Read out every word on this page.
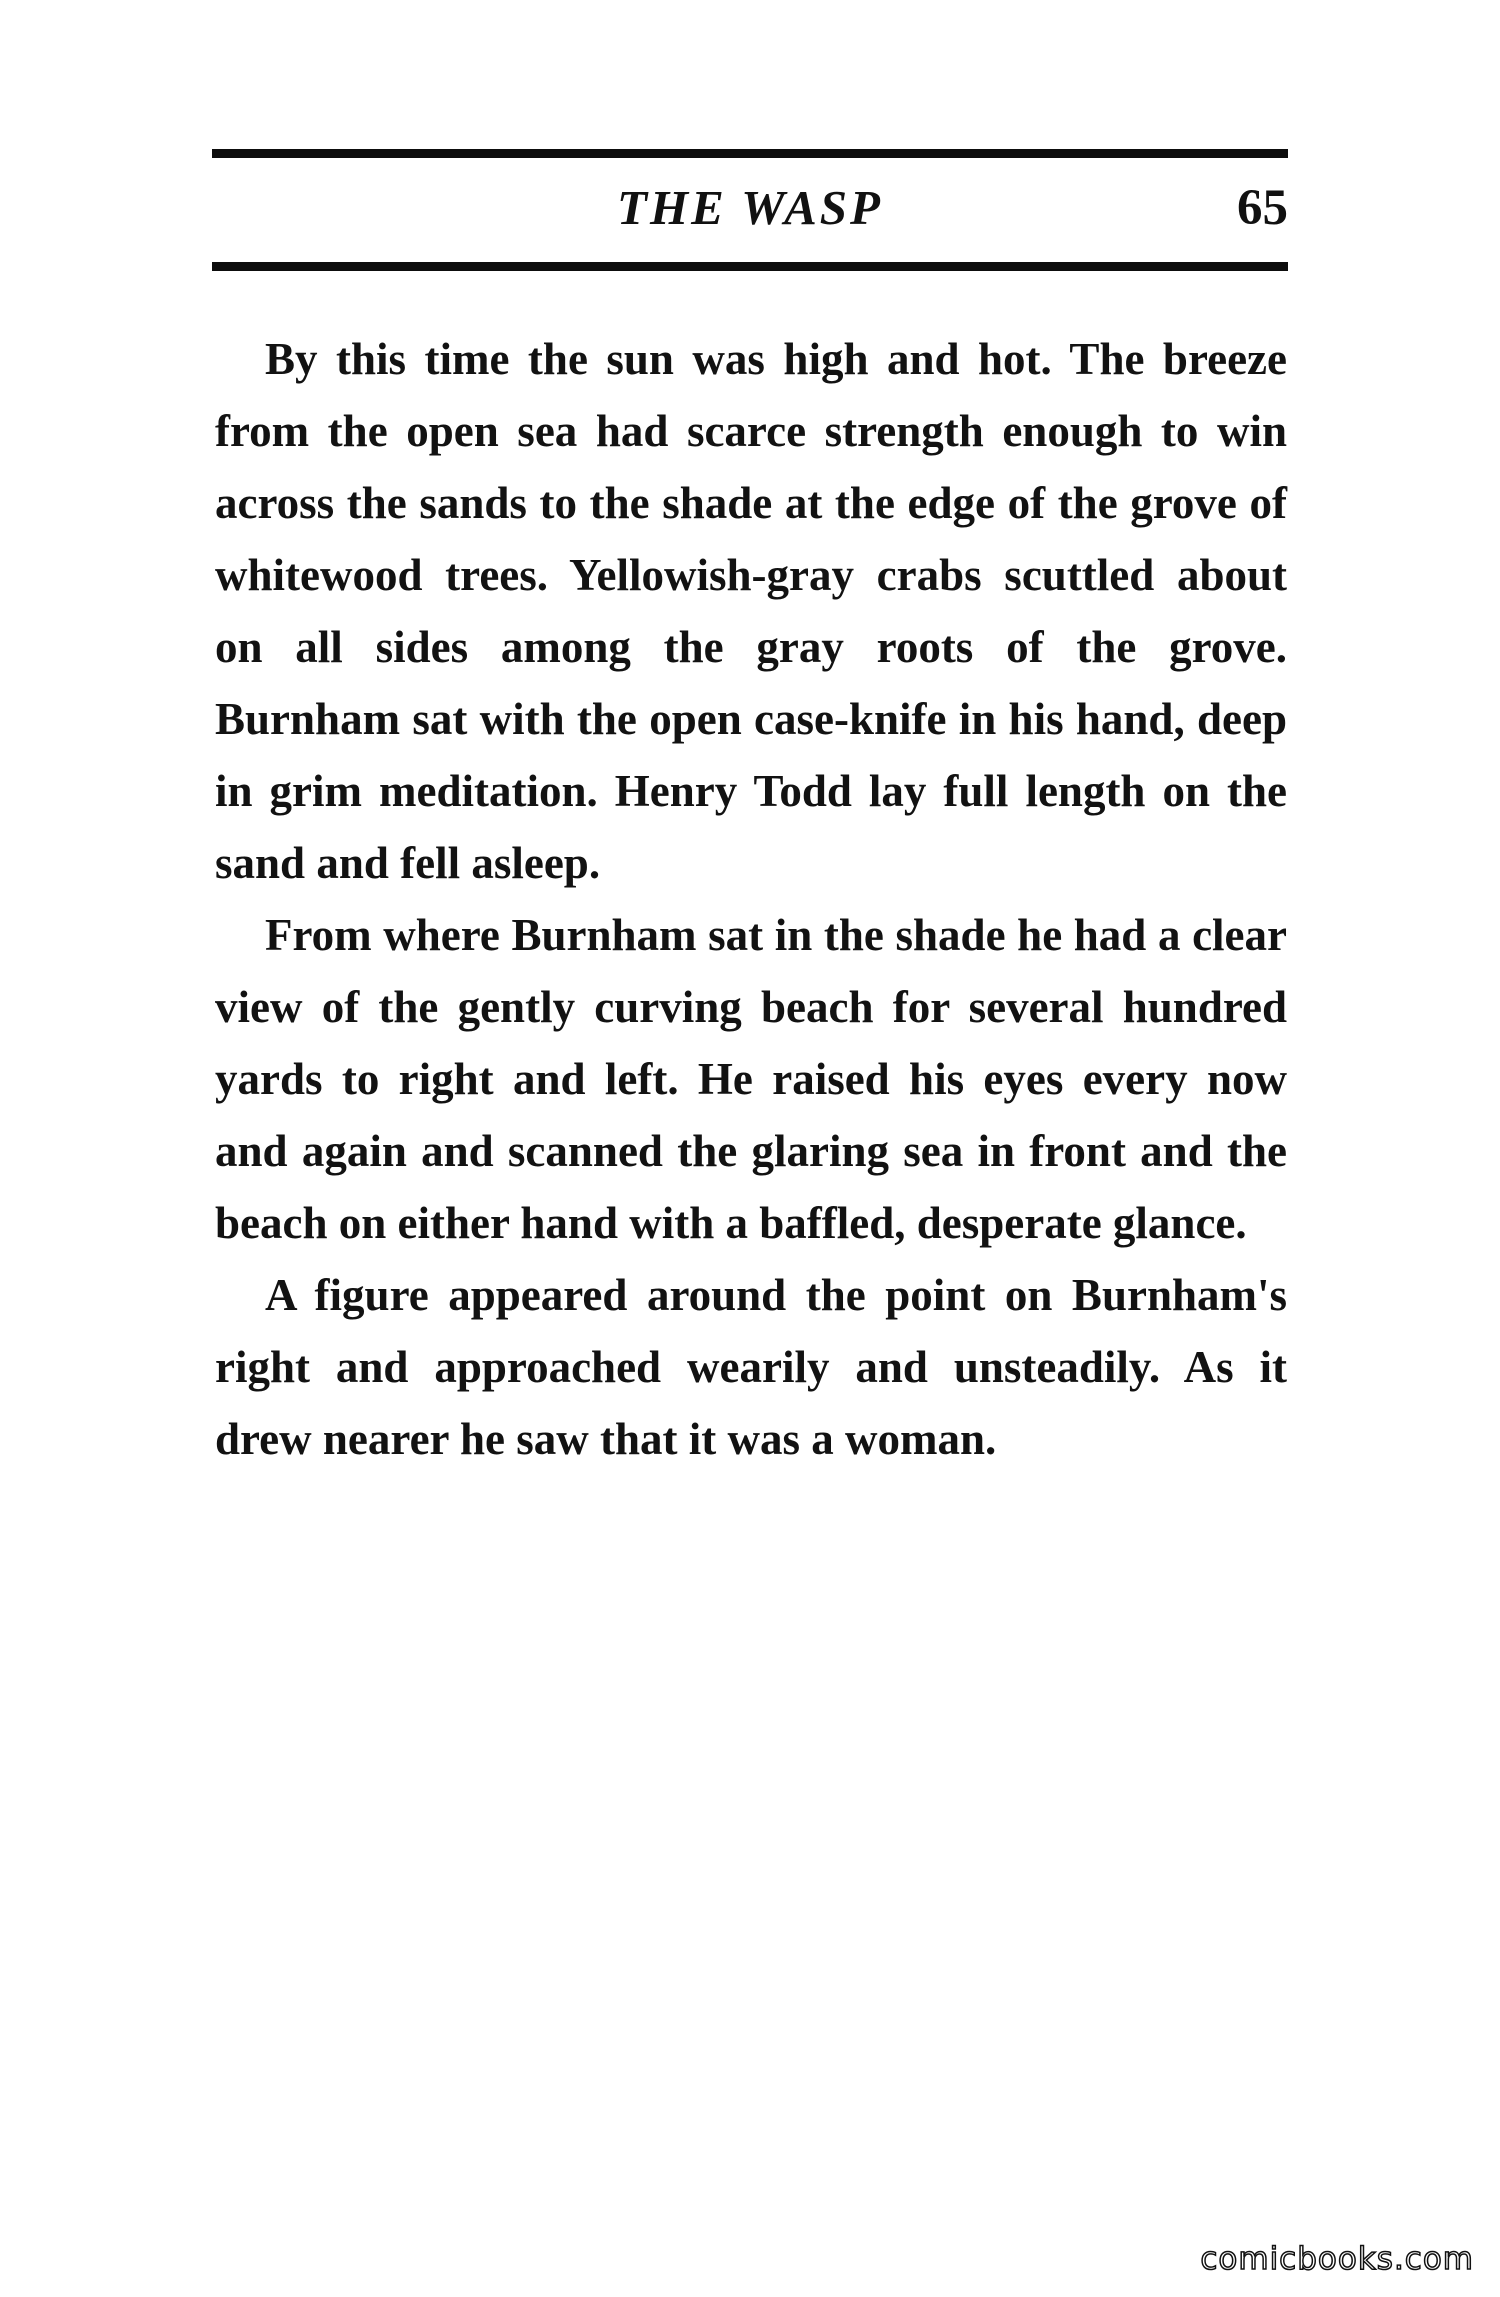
THE WASP	65

By this time the sun was high and hot. The breeze from the open sea had scarce strength enough to win across the sands to the shade at the edge of the grove of whitewood trees. Yellowish-gray crabs scuttled about on all sides among the gray roots of the grove. Burnham sat with the open case-knife in his hand, deep in grim meditation. Henry Todd lay full length on the sand and fell asleep.

From where Burnham sat in the shade he had a clear view of the gently curving beach for several hundred yards to right and left. He raised his eyes every now and again and scanned the glaring sea in front and the beach on either hand with a baffled, desperate glance.

A figure appeared around the point on Burnham's right and approached wearily and unsteadily. As it drew nearer he saw that it was a woman.

comicbooks.com
